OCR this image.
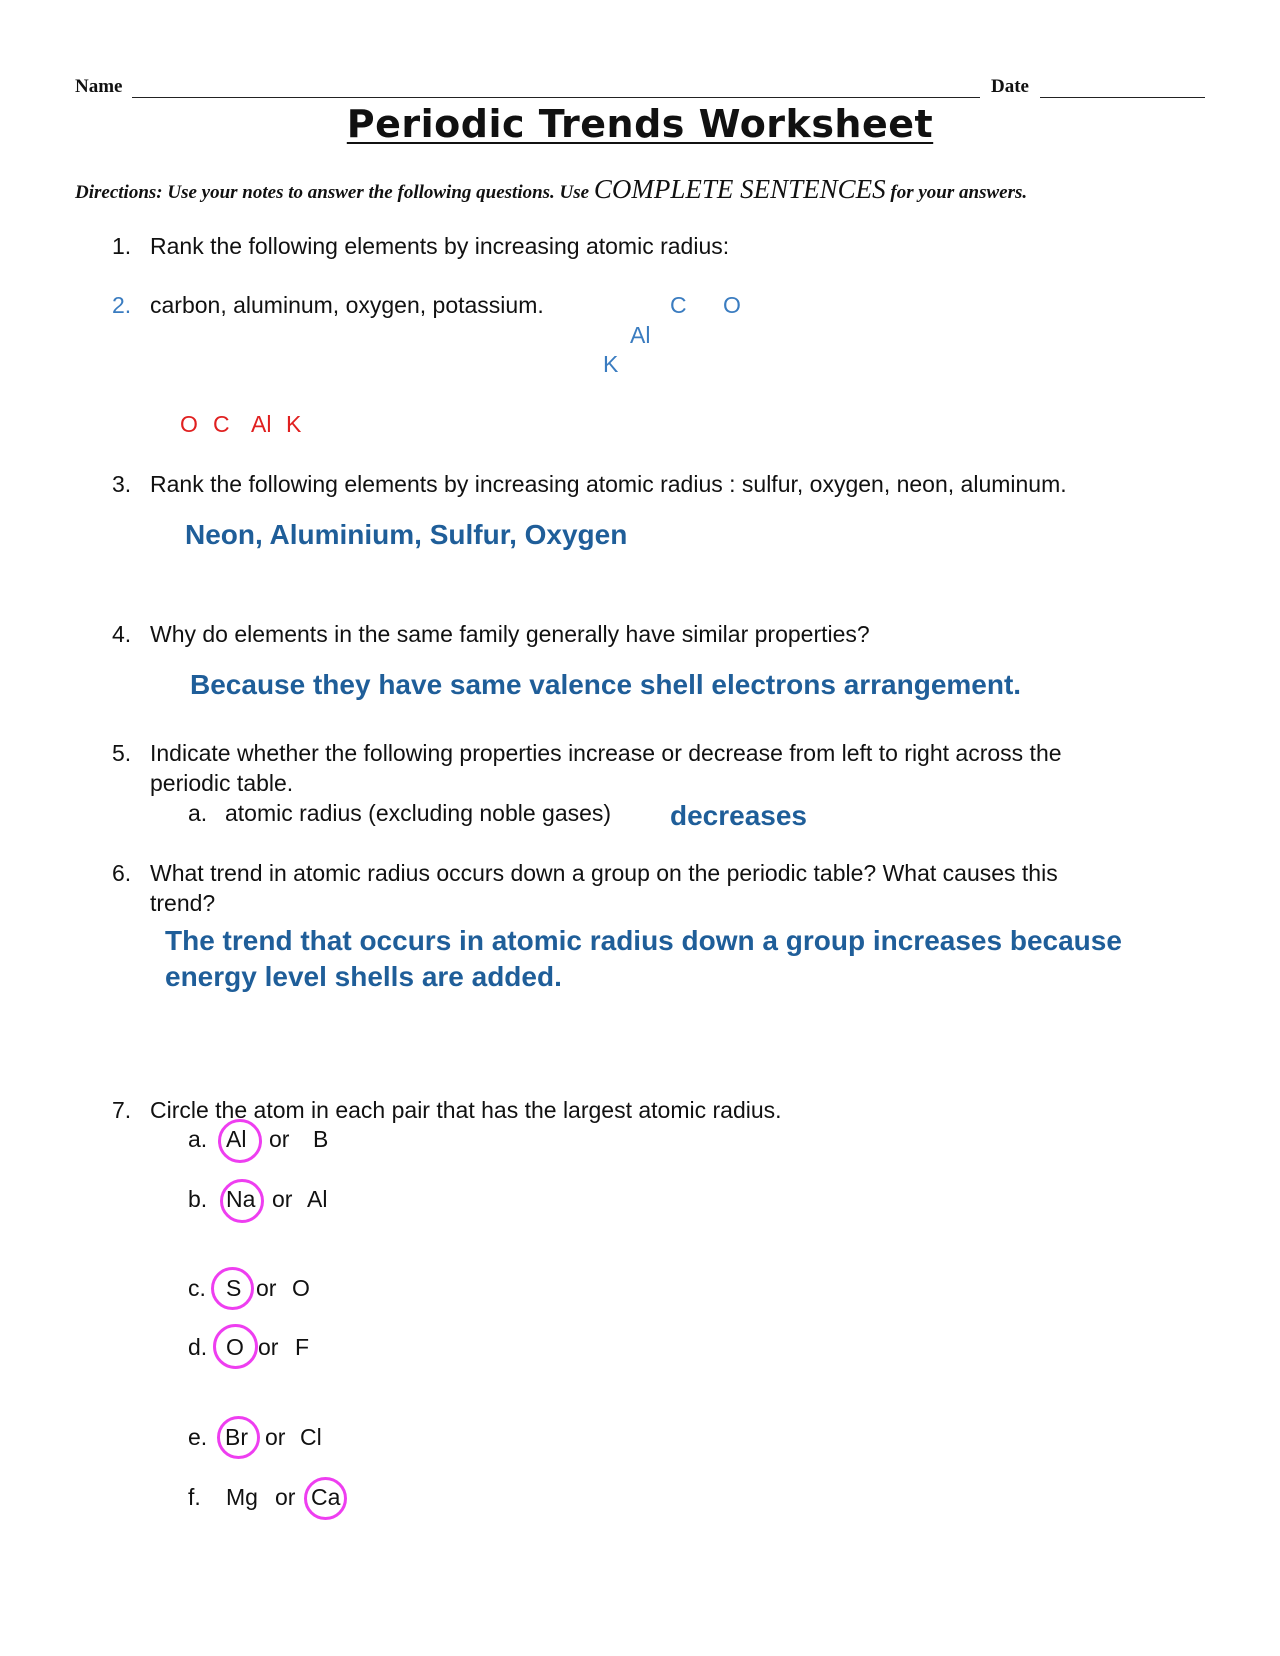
Name	Date
Periodic Trends Worksheet
Directions: Use your notes to answer the following questions. Use COMPLETE SENTENCES for your answers.
1. Rank the following elements by increasing atomic radius:
2. carbon, aluminum, oxygen, potassium.	C O
Al
K
O C Al K
3. Rank the following elements by increasing atomic radius : sulfur, oxygen, neon, aluminum.
Neon, Aluminium, Sulfur, Oxygen
4. Why do elements in the same family generally have similar properties?
Because they have same valence shell electrons arrangement.
5. Indicate whether the following properties increase or decrease from left to right across the
periodic table.
a. atomic radius (excluding noble gases) decreases
6. What trend in atomic radius occurs down a group on the periodic table? What causes this
trend?
The trend that occurs in atomic radius down a group increases because
energy level shells are added.
7. Circle the atom in each pair that has the largest atomic radius.
a. Al or B
b. Na or Al
c. S or O
d. O or F
e. Br or Cl
f. Mg or Ca
